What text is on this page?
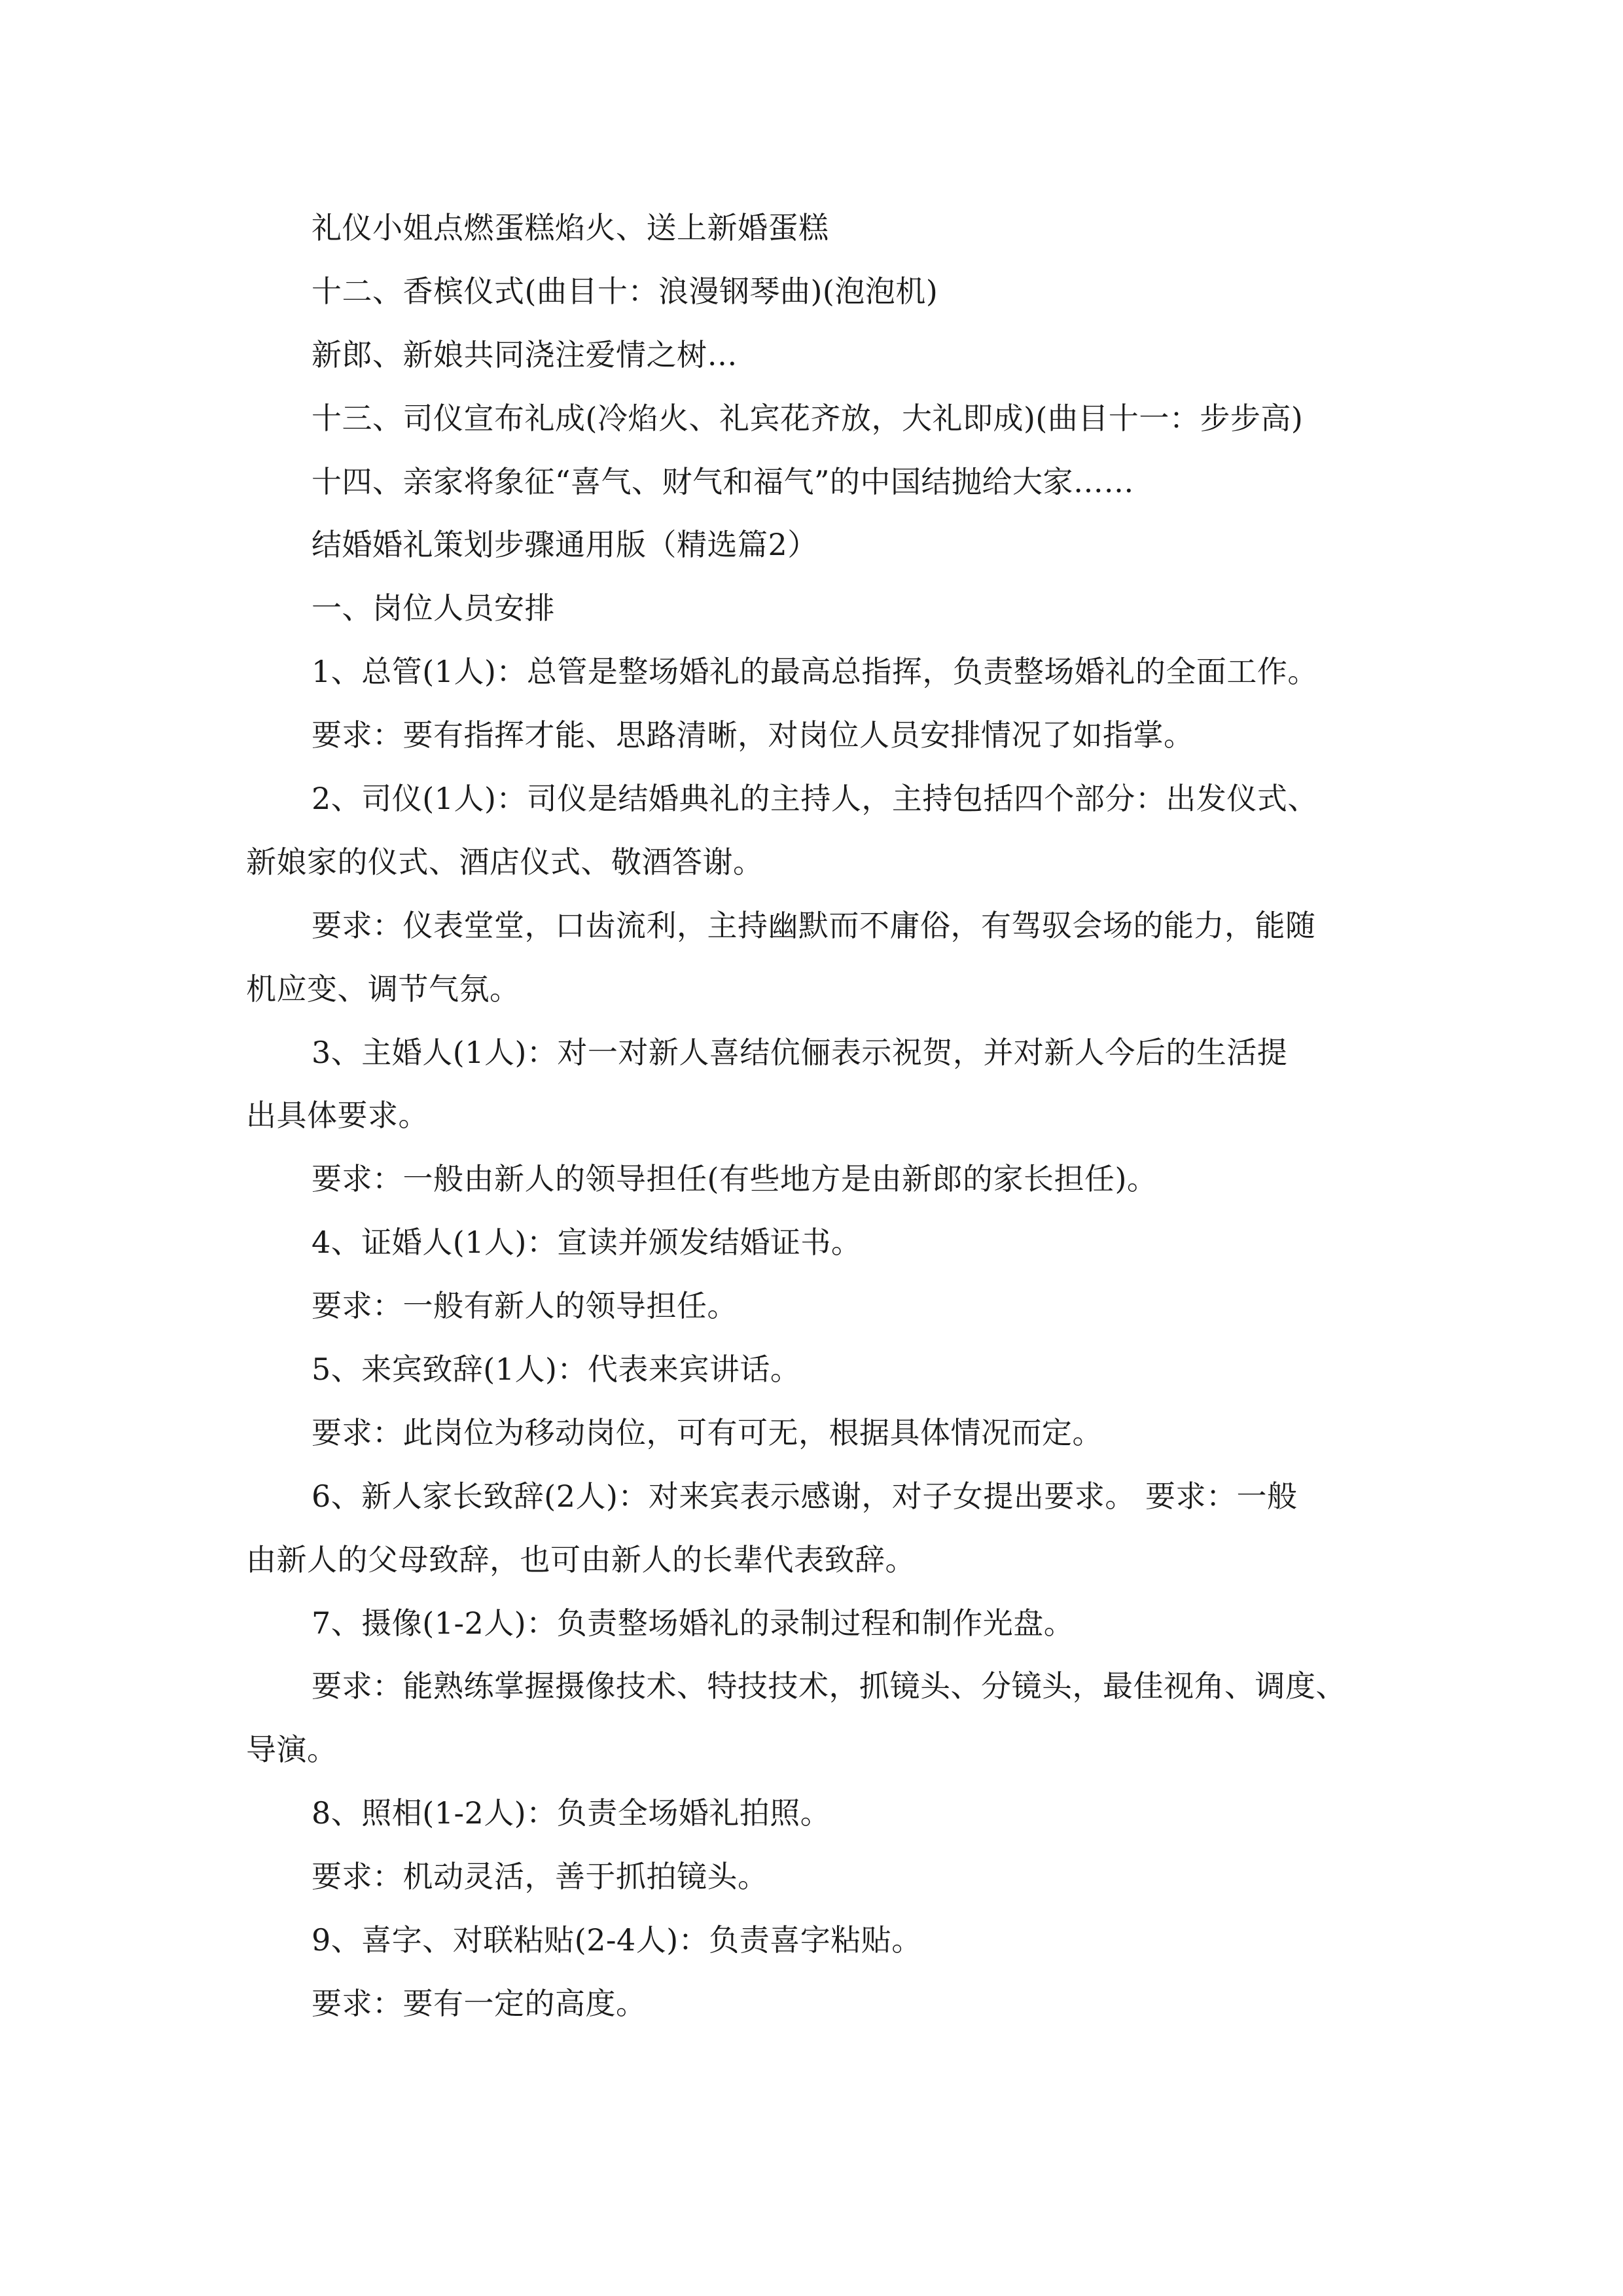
礼仪小姐点燃蛋糕焰火、送上新婚蛋糕
十二、香槟仪式(曲目十：浪漫钢琴曲)(泡泡机)
新郎、新娘共同浇注爱情之树…
十三、司仪宣布礼成(冷焰火、礼宾花齐放，大礼即成)(曲目十一：步步高)
十四、亲家将象征“喜气、财气和福气”的中国结抛给大家……
结婚婚礼策划步骤通用版（精选篇2）
一、岗位人员安排
1、总管(1人)：总管是整场婚礼的最高总指挥，负责整场婚礼的全面工作。
要求：要有指挥才能、思路清晰，对岗位人员安排情况了如指掌。
2、司仪(1人)：司仪是结婚典礼的主持人，主持包括四个部分：出发仪式、
新娘家的仪式、酒店仪式、敬酒答谢。
要求：仪表堂堂，口齿流利，主持幽默而不庸俗，有驾驭会场的能力，能随
机应变、调节气氛。
3、主婚人(1人)：对一对新人喜结伉俪表示祝贺，并对新人今后的生活提
出具体要求。
要求：一般由新人的领导担任(有些地方是由新郎的家长担任)。
4、证婚人(1人)：宣读并颁发结婚证书。
要求：一般有新人的领导担任。
5、来宾致辞(1人)：代表来宾讲话。
要求：此岗位为移动岗位，可有可无，根据具体情况而定。
6、新人家长致辞(2人)：对来宾表示感谢，对子女提出要求。 要求：一般
由新人的父母致辞，也可由新人的长辈代表致辞。
7、摄像(1-2人)：负责整场婚礼的录制过程和制作光盘。
要求：能熟练掌握摄像技术、特技技术，抓镜头、分镜头，最佳视角、调度、
导演。
8、照相(1-2人)：负责全场婚礼拍照。
要求：机动灵活，善于抓拍镜头。
9、喜字、对联粘贴(2-4人)：负责喜字粘贴。
要求：要有一定的高度。
